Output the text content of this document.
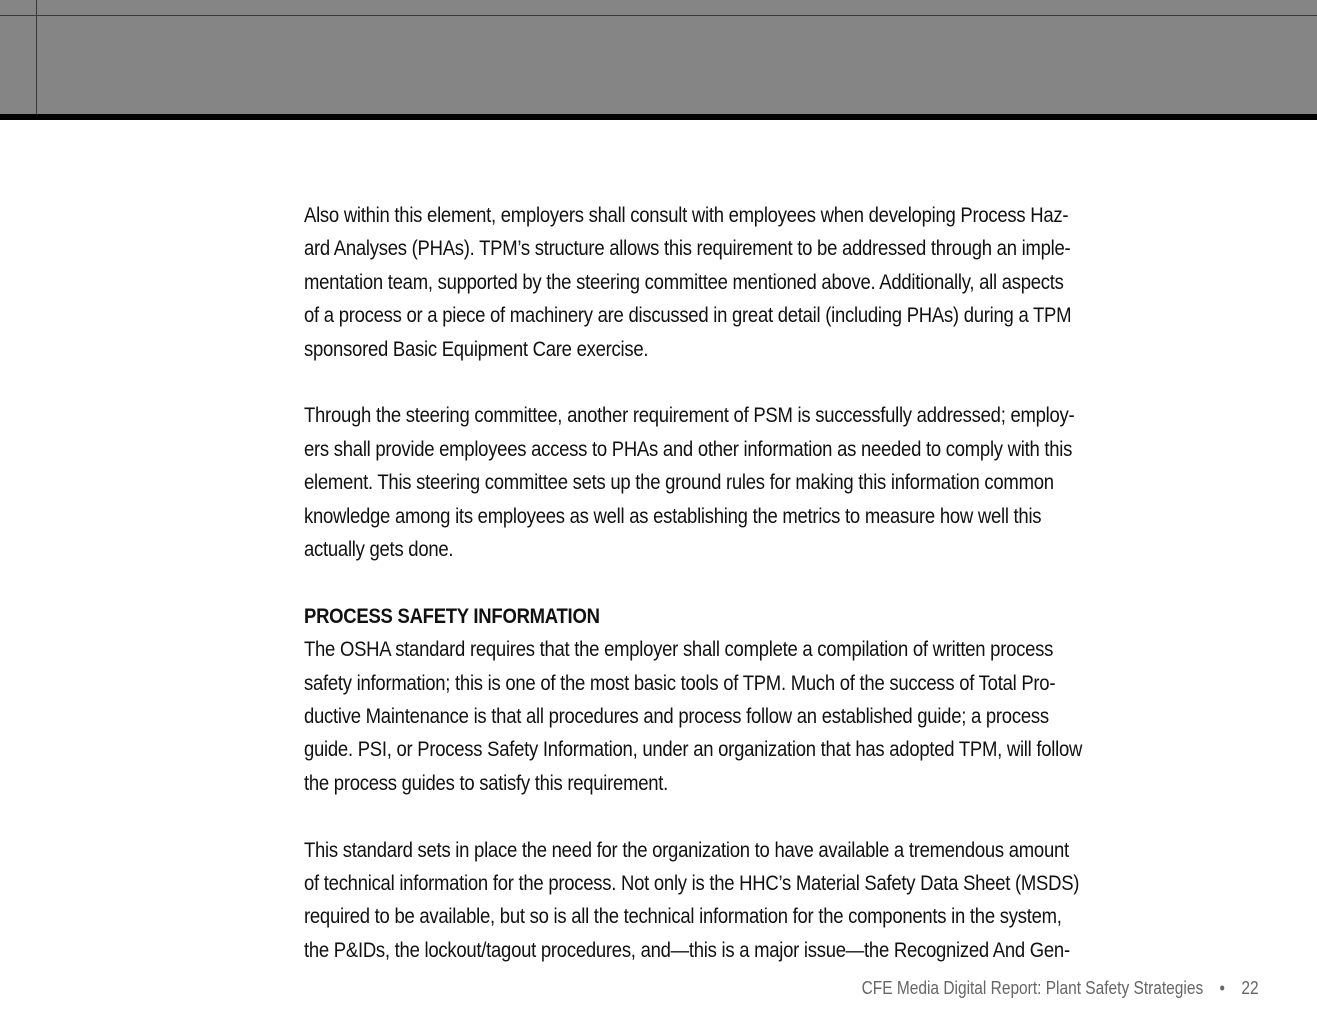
Also within this element, employers shall consult with employees when developing Process Haz-
ard Analyses (PHAs). TPM’s structure allows this requirement to be addressed through an imple-
mentation team, supported by the steering committee mentioned above. Additionally, all aspects
of a process or a piece of machinery are discussed in great detail (including PHAs) during a TPM
sponsored Basic Equipment Care exercise.
Through the steering committee, another requirement of PSM is successfully addressed; employ-
ers shall provide employees access to PHAs and other information as needed to comply with this
element. This steering committee sets up the ground rules for making this information common
knowledge among its employees as well as establishing the metrics to measure how well this
actually gets done.
PROCESS SAFETY INFORMATION
The OSHA standard requires that the employer shall complete a compilation of written process
safety information; this is one of the most basic tools of TPM. Much of the success of Total Pro-
ductive Maintenance is that all procedures and process follow an established guide; a process
guide. PSI, or Process Safety Information, under an organization that has adopted TPM, will follow
the process guides to satisfy this requirement.
This standard sets in place the need for the organization to have available a tremendous amount
of technical information for the process. Not only is the HHC’s Material Safety Data Sheet (MSDS)
required to be available, but so is all the technical information for the components in the system,
the P&IDs, the lockout/tagout procedures, and—this is a major issue—the Recognized And Gen-
CFE Media Digital Report: Plant Safety Strategies • 22
